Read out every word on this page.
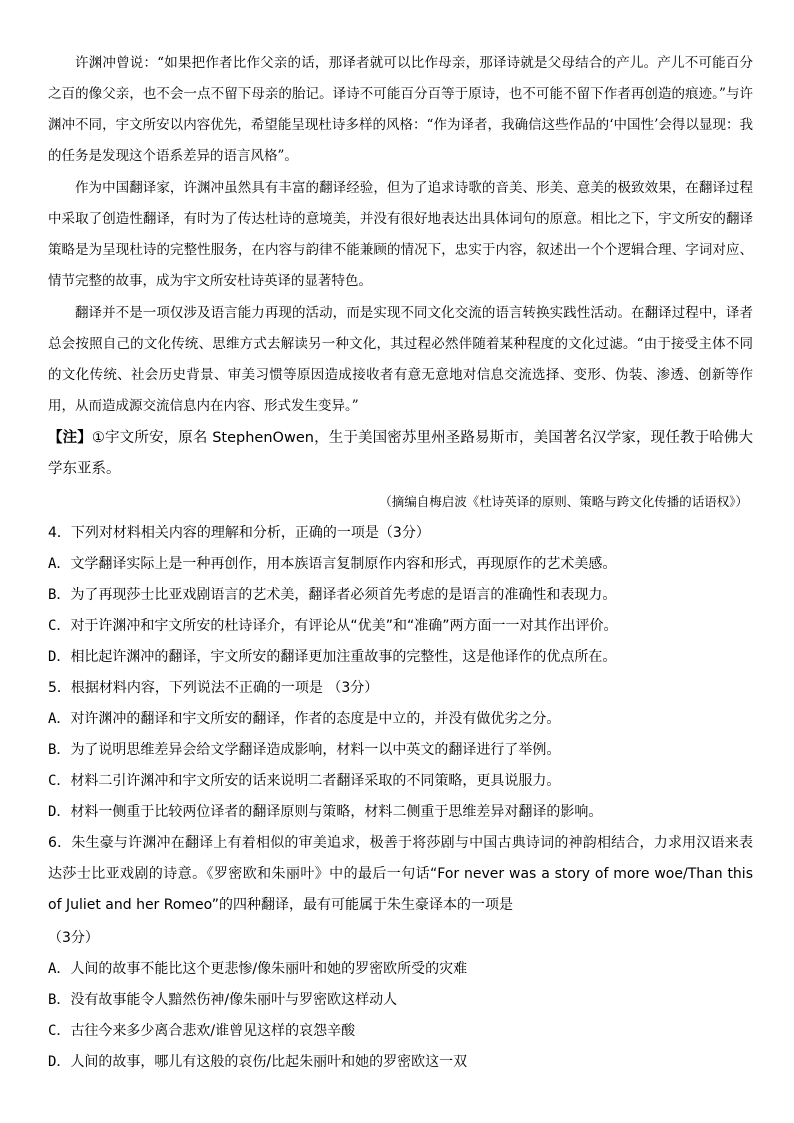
许渊冲曾说：“如果把作者比作父亲的话，那译者就可以比作母亲，那译诗就是父母结合的产儿。产儿不可能百分之百的像父亲，也不会一点不留下母亲的胎记。译诗不可能百分百等于原诗，也不可能不留下作者再创造的痕迹。”与许渊冲不同，宇文所安以内容优先，希望能呈现杜诗多样的风格：“作为译者，我确信这些作品的‘中国性’会得以显现：我的任务是发现这个语系差异的语言风格”。

作为中国翻译家，许渊冲虽然具有丰富的翻译经验，但为了追求诗歌的音美、形美、意美的极致效果，在翻译过程中采取了创造性翻译，有时为了传达杜诗的意境美，并没有很好地表达出具体词句的原意。相比之下，宇文所安的翻译策略是为呈现杜诗的完整性服务，在内容与韵律不能兼顾的情况下，忠实于内容，叙述出一个个逻辑合理、字词对应、情节完整的故事，成为宇文所安杜诗英译的显著特色。

翻译并不是一项仅涉及语言能力再现的活动，而是实现不同文化交流的语言转换实践性活动。在翻译过程中，译者总会按照自己的文化传统、思维方式去解读另一种文化，其过程必然伴随着某种程度的文化过滤。“由于接受主体不同的文化传统、社会历史背景、审美习惯等原因造成接收者有意无意地对信息交流选择、变形、伪装、渗透、创新等作用，从而造成源交流信息内在内容、形式发生变异。”

【注】①宇文所安，原名 StephenOwen，生于美国密苏里州圣路易斯市，美国著名汉学家，现任教于哈佛大学东亚系。

（摘编自梅启波《杜诗英译的原则、策略与跨文化传播的话语权》）

4．下列对材料相关内容的理解和分析，正确的一项是（3分）

A．文学翻译实际上是一种再创作，用本族语言复制原作内容和形式，再现原作的艺术美感。

B．为了再现莎士比亚戏剧语言的艺术美，翻译者必须首先考虑的是语言的准确性和表现力。

C．对于许渊冲和宇文所安的杜诗译介，有评论从“优美”和“准确”两方面一一对其作出评价。

D．相比起许渊冲的翻译，宇文所安的翻译更加注重故事的完整性，这是他译作的优点所在。

5．根据材料内容，下列说法不正确的一项是 （3分）

A．对许渊冲的翻译和宇文所安的翻译，作者的态度是中立的，并没有做优劣之分。

B．为了说明思维差异会给文学翻译造成影响，材料一以中英文的翻译进行了举例。

C．材料二引许渊冲和宇文所安的话来说明二者翻译采取的不同策略，更具说服力。

D．材料一侧重于比较两位译者的翻译原则与策略，材料二侧重于思维差异对翻译的影响。

6．朱生豪与许渊冲在翻译上有着相似的审美追求，极善于将莎剧与中国古典诗词的神韵相结合，力求用汉语来表达莎士比亚戏剧的诗意。《罗密欧和朱丽叶》中的最后一句话“For never was a story of more woe/Than this of Juliet and her Romeo”的四种翻译，最有可能属于朱生豪译本的一项是

（3分）

A．人间的故事不能比这个更悲惨/像朱丽叶和她的罗密欧所受的灾难

B．没有故事能令人黯然伤神/像朱丽叶与罗密欧这样动人

C．古往今来多少离合悲欢/谁曾见这样的哀怨辛酸

D．人间的故事，哪儿有这般的哀伤/比起朱丽叶和她的罗密欧这一双
